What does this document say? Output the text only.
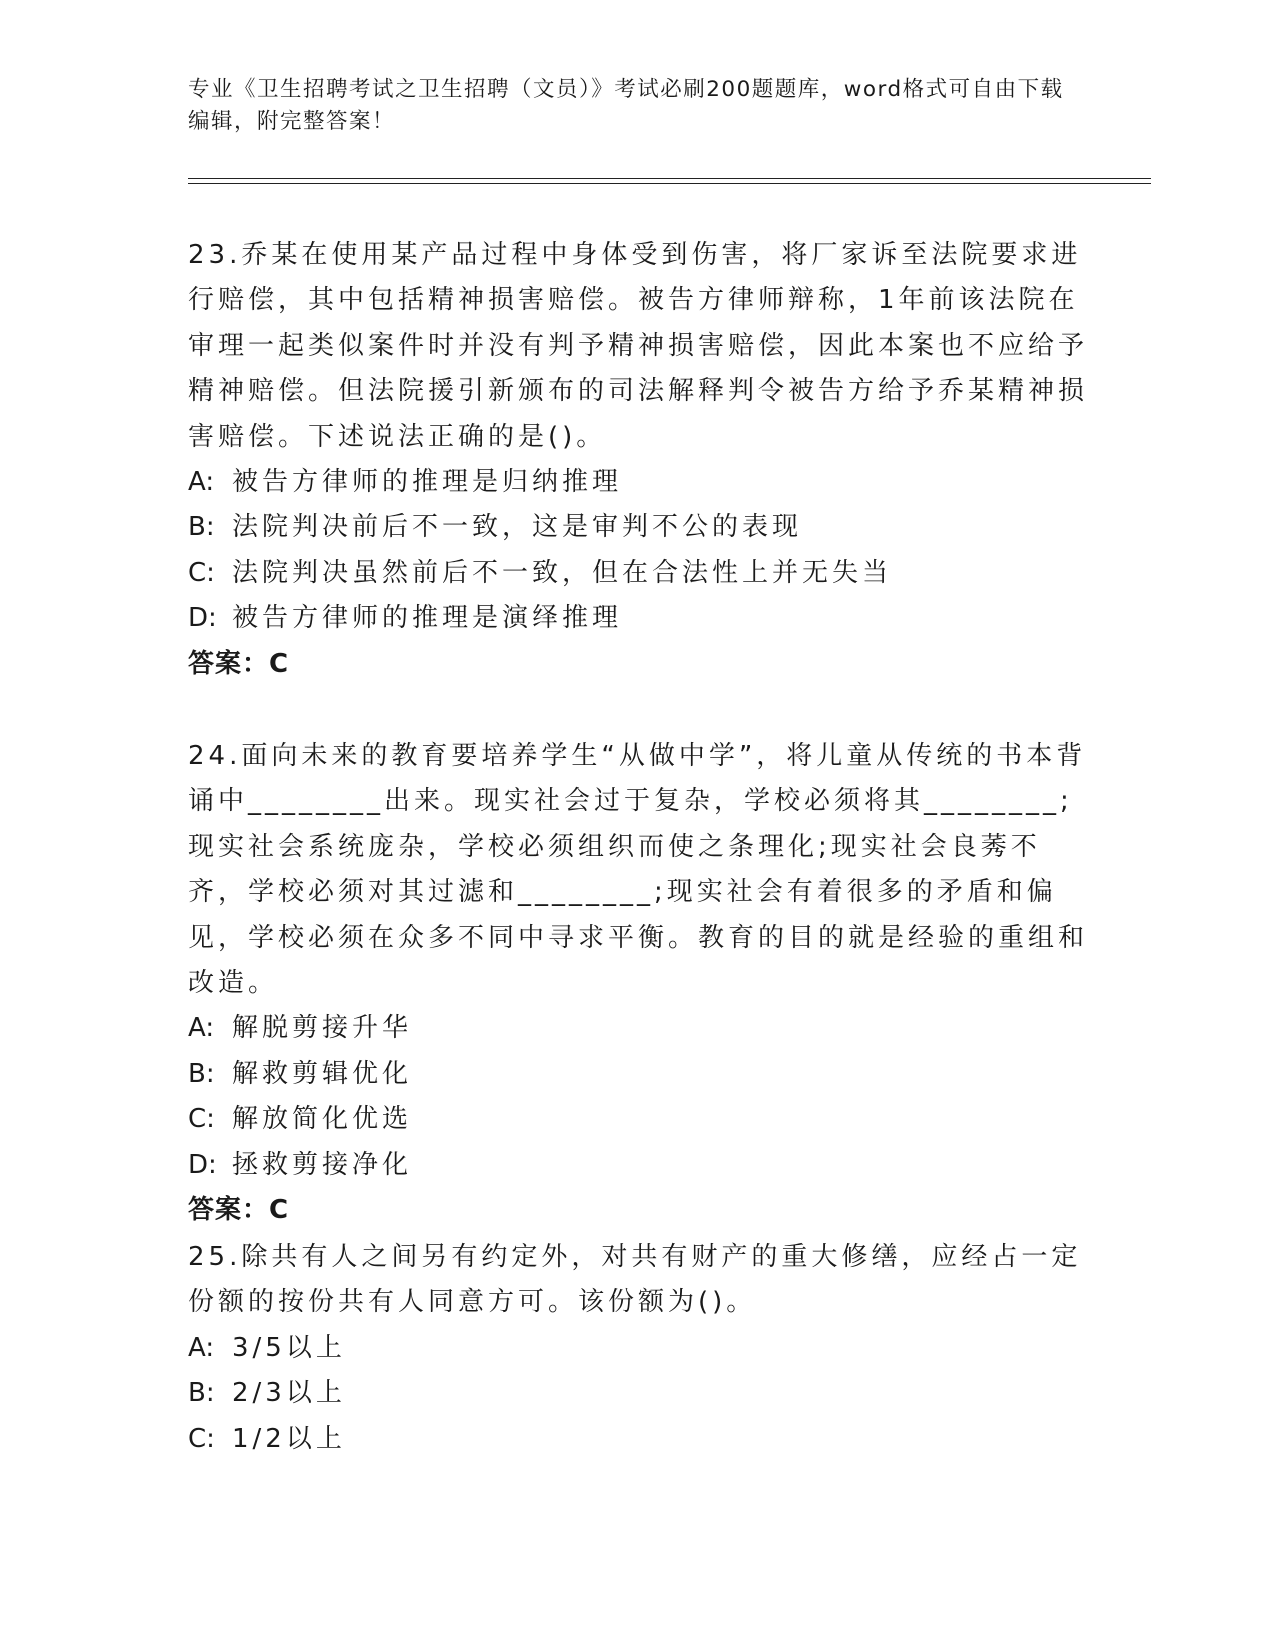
专业《卫生招聘考试之卫生招聘（文员）》考试必刷200题题库，word格式可自由下载编辑，附完整答案！
23.乔某在使用某产品过程中身体受到伤害，将厂家诉至法院要求进行赔偿，其中包括精神损害赔偿。被告方律师辩称，1年前该法院在审理一起类似案件时并没有判予精神损害赔偿，因此本案也不应给予精神赔偿。但法院援引新颁布的司法解释判令被告方给予乔某精神损害赔偿。下述说法正确的是()。
A: 被告方律师的推理是归纳推理
B: 法院判决前后不一致，这是审判不公的表现
C: 法院判决虽然前后不一致，但在合法性上并无失当
D: 被告方律师的推理是演绎推理
答案：C
24.面向未来的教育要培养学生“从做中学”，将儿童从传统的书本背诵中________出来。现实社会过于复杂，学校必须将其________;现实社会系统庞杂，学校必须组织而使之条理化;现实社会良莠不齐，学校必须对其过滤和________;现实社会有着很多的矛盾和偏见，学校必须在众多不同中寻求平衡。教育的目的就是经验的重组和改造。
A: 解脱剪接升华
B: 解救剪辑优化
C: 解放简化优选
D: 拯救剪接净化
答案：C
25.除共有人之间另有约定外，对共有财产的重大修缮，应经占一定份额的按份共有人同意方可。该份额为()。
A: 3/5以上
B: 2/3以上
C: 1/2以上
